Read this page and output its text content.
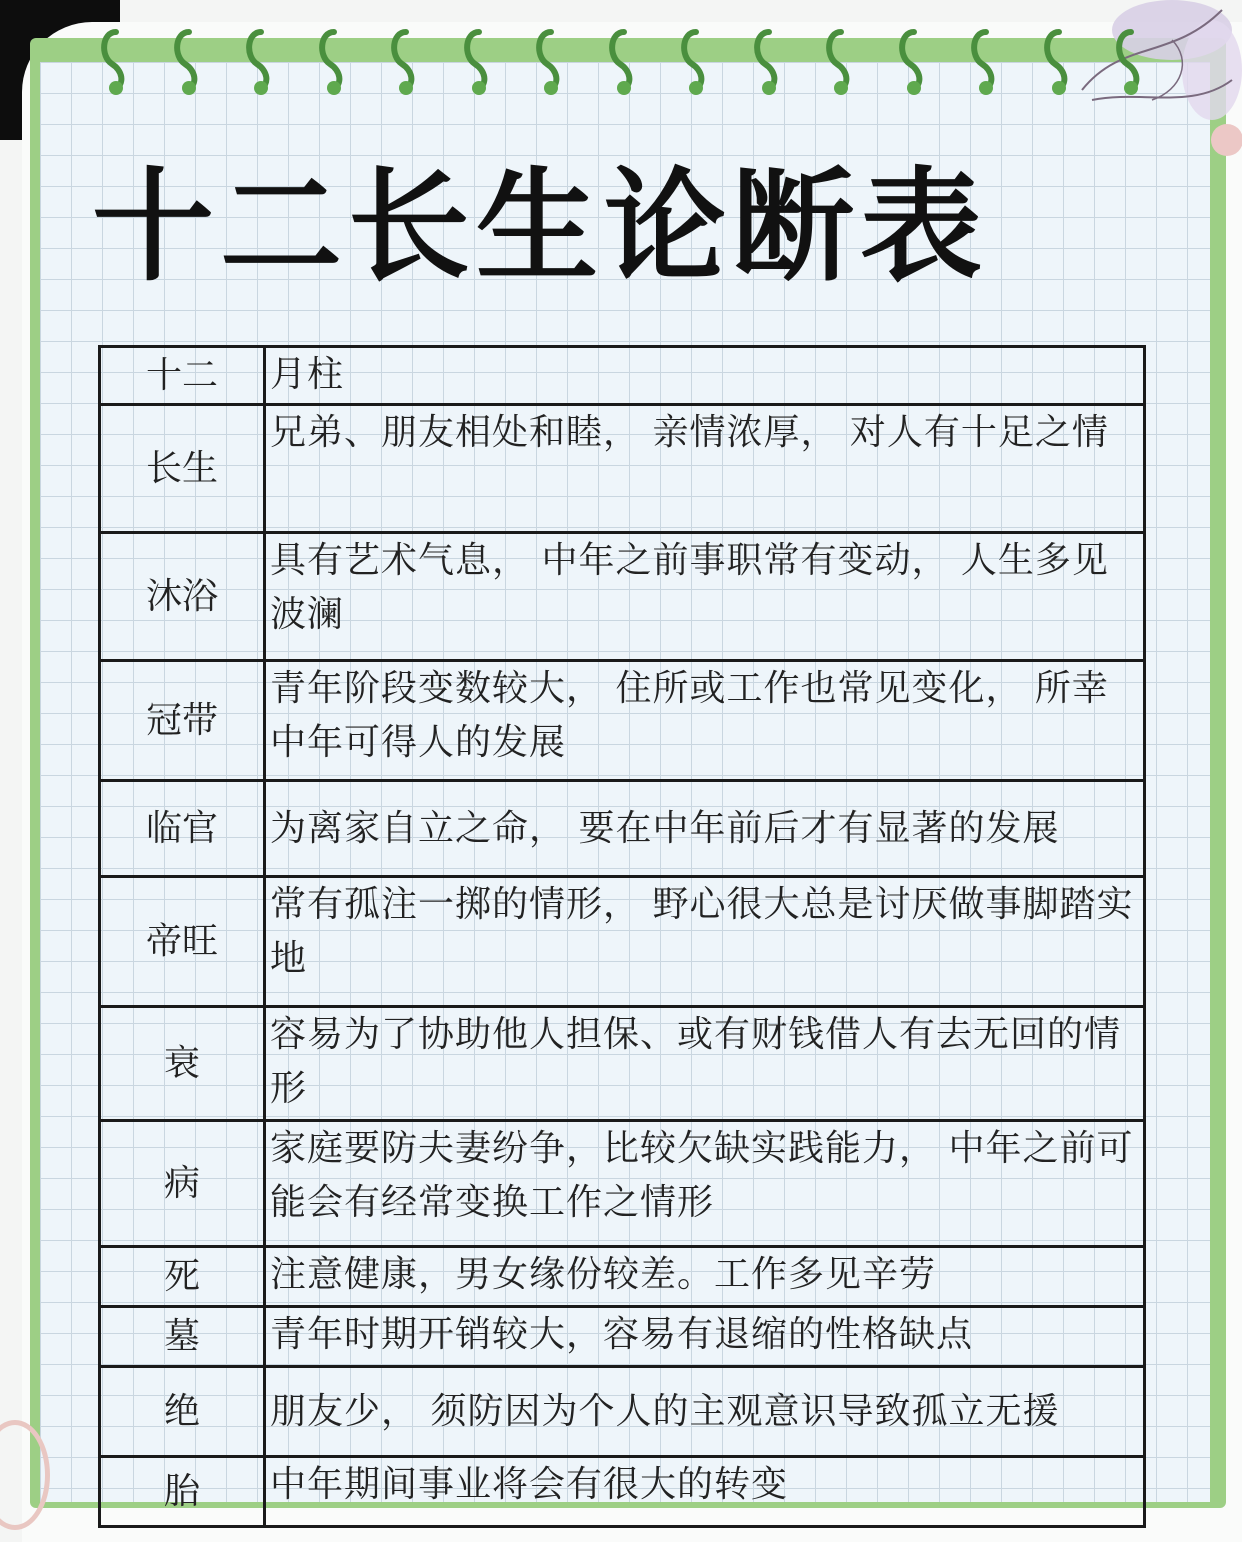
十二长生论断表
十二	月柱
长生	兄弟、朋友相处和睦， 亲情浓厚， 对人有十足之情
沐浴	具有艺术气息， 中年之前事职常有变动， 人生多见波澜
冠带	青年阶段变数较大， 住所或工作也常见变化， 所幸中年可得人的发展
临官	为离家自立之命， 要在中年前后才有显著的发展
帝旺	常有孤注一掷的情形， 野心很大总是讨厌做事脚踏实地
衰	容易为了协助他人担保、或有财钱借人有去无回的情形
病	家庭要防夫妻纷争，比较欠缺实践能力， 中年之前可能会有经常变换工作之情形
死	注意健康，男女缘份较差。工作多见辛劳
墓	青年时期开销较大，容易有退缩的性格缺点
绝	朋友少， 须防因为个人的主观意识导致孤立无援
胎	中年期间事业将会有很大的转变
